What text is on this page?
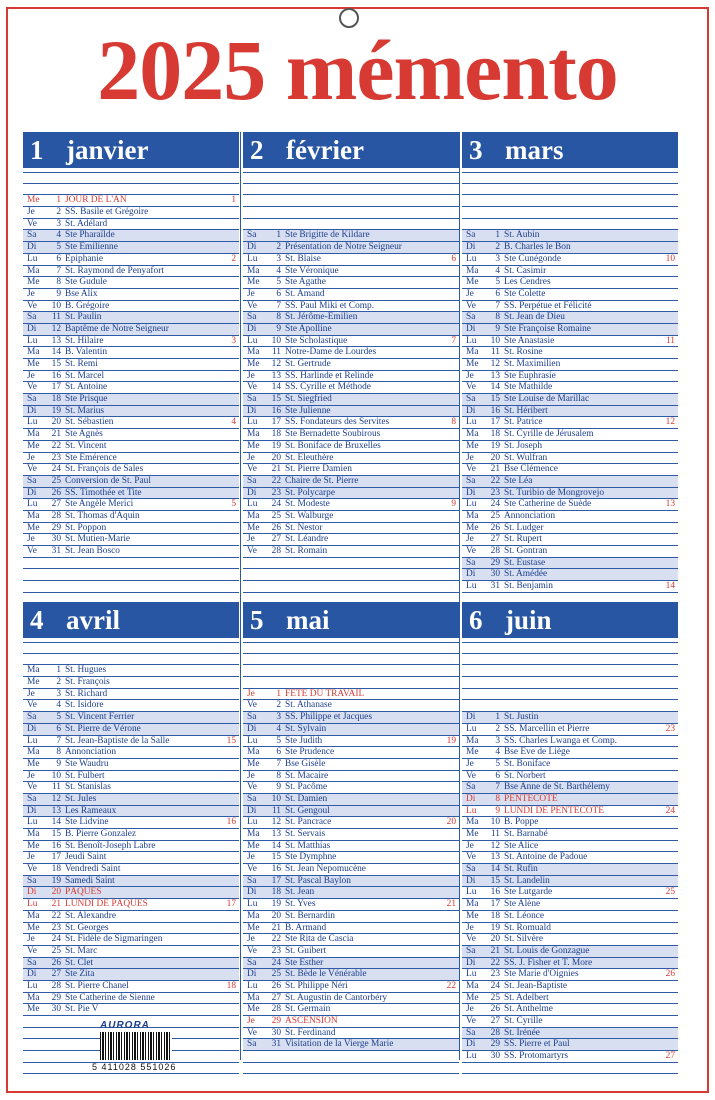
2025 mémento
1 janvier
Me	1 JOUR DE L'AN	1
Je	2 SS. Basile et Grégoire
Ve	3 St. Adélard
Sa	4 Ste Pharaïlde
Di	5 Ste Emilienne
Lu	6 Epiphanie	2
Ma	7 St. Raymond de Penyafort
Me	8 Ste Gudule
Je	9 Bse Alix
Ve	10 B. Grégoire
Sa	11 St. Paulin
Di	12 Baptême de Notre Seigneur
Lu	13 St. Hilaire	3
Ma	14 B. Valentin
Me	15 St. Remi
Je	16 St. Marcel
Ve	17 St. Antoine
Sa	18 Ste Prisque
Di	19 St. Marius
Lu	20 St. Sébastien	4
Ma	21 Ste Agnès
Me	22 St. Vincent
Je	23 Ste Emérence
Ve	24 St. François de Sales
Sa	25 Conversion de St. Paul
Di	26 SS. Timothée et Tite
Lu	27 Ste Angèle Merici	5
Ma	28 St. Thomas d'Aquin
Me	29 St. Poppon
Je	30 St. Mutien-Marie
Ve	31 St. Jean Bosco
2 février
Sa	1 Ste Brigitte de Kildare
Di	2 Présentation de Notre Seigneur
Lu	3 St. Blaise	6
Ma	4 Ste Véronique
Me	5 Ste Agathe
Je	6 St. Amand
Ve	7 SS. Paul Miki et Comp.
Sa	8 St. Jérôme-Emilien
Di	9 Ste Apolline
Lu	10 Ste Scholastique	7
Ma	11 Notre-Dame de Lourdes
Me	12 St. Gertrude
Je	13 SS. Harlinde et Relinde
Ve	14 SS. Cyrille et Méthode
Sa	15 St. Siegfried
Di	16 Ste Julienne
Lu	17 SS. Fondateurs des Servites	8
Ma	18 Ste Bernadette Soubirous
Me	19 St. Boniface de Bruxelles
Je	20 St. Eleuthère
Ve	21 St. Pierre Damien
Sa	22 Chaire de St. Pierre
Di	23 St. Polycarpe
Lu	24 St. Modeste	9
Ma	25 St. Walburge
Me	26 St. Nestor
Je	27 St. Léandre
Ve	28 St. Romain
3 mars
Sa	1 St. Aubin
Di	2 B. Charles le Bon
Lu	3 Ste Cunégonde	10
Ma	4 St. Casimir
Me	5 Les Cendres
Je	6 Ste Colette
Ve	7 SS. Perpétue et Félicité
Sa	8 St. Jean de Dieu
Di	9 Ste Françoise Romaine
Lu	10 Ste Anastasie	11
Ma	11 St. Rosine
Me	12 St. Maximilien
Je	13 Ste Euphrasie
Ve	14 Ste Mathilde
Sa	15 Ste Louise de Marillac
Di	16 St. Héribert
Lu	17 St. Patrice	12
Ma	18 St. Cyrille de Jérusalem
Me	19 St. Joseph
Je	20 St. Wulfran
Ve	21 Bse Clémence
Sa	22 Ste Léa
Di	23 St. Turibio de Mongrovejo
Lu	24 Ste Catherine de Suède	13
Ma	25 Annonciation
Me	26 St. Ludger
Je	27 St. Rupert
Ve	28 St. Gontran
Sa	29 St. Eustase
Di	30 St. Amédée
Lu	31 St. Benjamin	14
4 avril
Ma	1 St. Hugues
Me	2 St. François
Je	3 St. Richard
Ve	4 St. Isidore
Sa	5 St. Vincent Ferrier
Di	6 St. Pierre de Vérone
Lu	7 St. Jean-Baptiste de la Salle	15
Ma	8 Annonciation
Me	9 Ste Waudru
Je	10 St. Fulbert
Ve	11 St. Stanislas
Sa	12 St. Jules
Di	13 Les Rameaux
Lu	14 Ste Lidvine	16
Ma	15 B. Pierre Gonzalez
Me	16 St. Benoît-Joseph Labre
Je	17 Jeudi Saint
Ve	18 Vendredi Saint
Sa	19 Samedi Saint
Di	20 PÂQUES
Lu	21 LUNDI DE PÂQUES	17
Ma	22 St. Alexandre
Me	23 St. Georges
Je	24 St. Fidèle de Sigmaringen
Ve	25 St. Marc
Sa	26 St. Clet
Di	27 Ste Zita
Lu	28 St. Pierre Chanel	18
Ma	29 Ste Catherine de Sienne
Me	30 St. Pie V
5 mai
Je	1 FÊTE DU TRAVAIL
Ve	2 St. Athanase
Sa	3 SS. Philippe et Jacques
Di	4 St. Sylvain
Lu	5 Ste Judith	19
Ma	6 Ste Prudence
Me	7 Bse Gisèle
Je	8 St. Macaire
Ve	9 St. Pacôme
Sa	10 St. Damien
Di	11 St. Gengoul
Lu	12 St. Pancrace	20
Ma	13 St. Servais
Me	14 St. Matthias
Je	15 Ste Dymphne
Ve	16 St. Jean Nepomucène
Sa	17 St. Pascal Baylon
Di	18 St. Jean
Lu	19 St. Yves	21
Ma	20 St. Bernardin
Me	21 B. Armand
Je	22 Ste Rita de Cascia
Ve	23 St. Guibert
Sa	24 Ste Esther
Di	25 St. Bède le Vénérable
Lu	26 St. Philippe Néri	22
Ma	27 St. Augustin de Cantorbéry
Me	28 St. Germain
Je	29 ASCENSION
Ve	30 St. Ferdinand
Sa	31 Visitation de la Vierge Marie
6 juin
Di	1 St. Justin
Lu	2 SS. Marcellin et Pierre	23
Ma	3 SS. Charles Lwanga et Comp.
Me	4 Bse Eve de Liège
Je	5 St. Boniface
Ve	6 St. Norbert
Sa	7 Bse Anne de St. Barthélemy
Di	8 PENTECÔTE
Lu	9 LUNDI DE PENTECÔTE	24
Ma	10 B. Poppe
Me	11 St. Barnabé
Je	12 Ste Alice
Ve	13 St. Antoine de Padoue
Sa	14 St. Rufin
Di	15 St. Landelin
Lu	16 Ste Lutgarde	25
Ma	17 Ste Alène
Me	18 St. Léonce
Je	19 St. Romuald
Ve	20 St. Silvère
Sa	21 St. Louis de Gonzague
Di	22 SS. J. Fisher et T. More
Lu	23 Ste Marie d'Oignies	26
Ma	24 St. Jean-Baptiste
Me	25 St. Adelbert
Je	26 St. Anthelme
Ve	27 St. Cyrille
Sa	28 St. Irénée
Di	29 SS. Pierre et Paul
Lu	30 SS. Protomartyrs	27
AURORA
5 411028 551026
